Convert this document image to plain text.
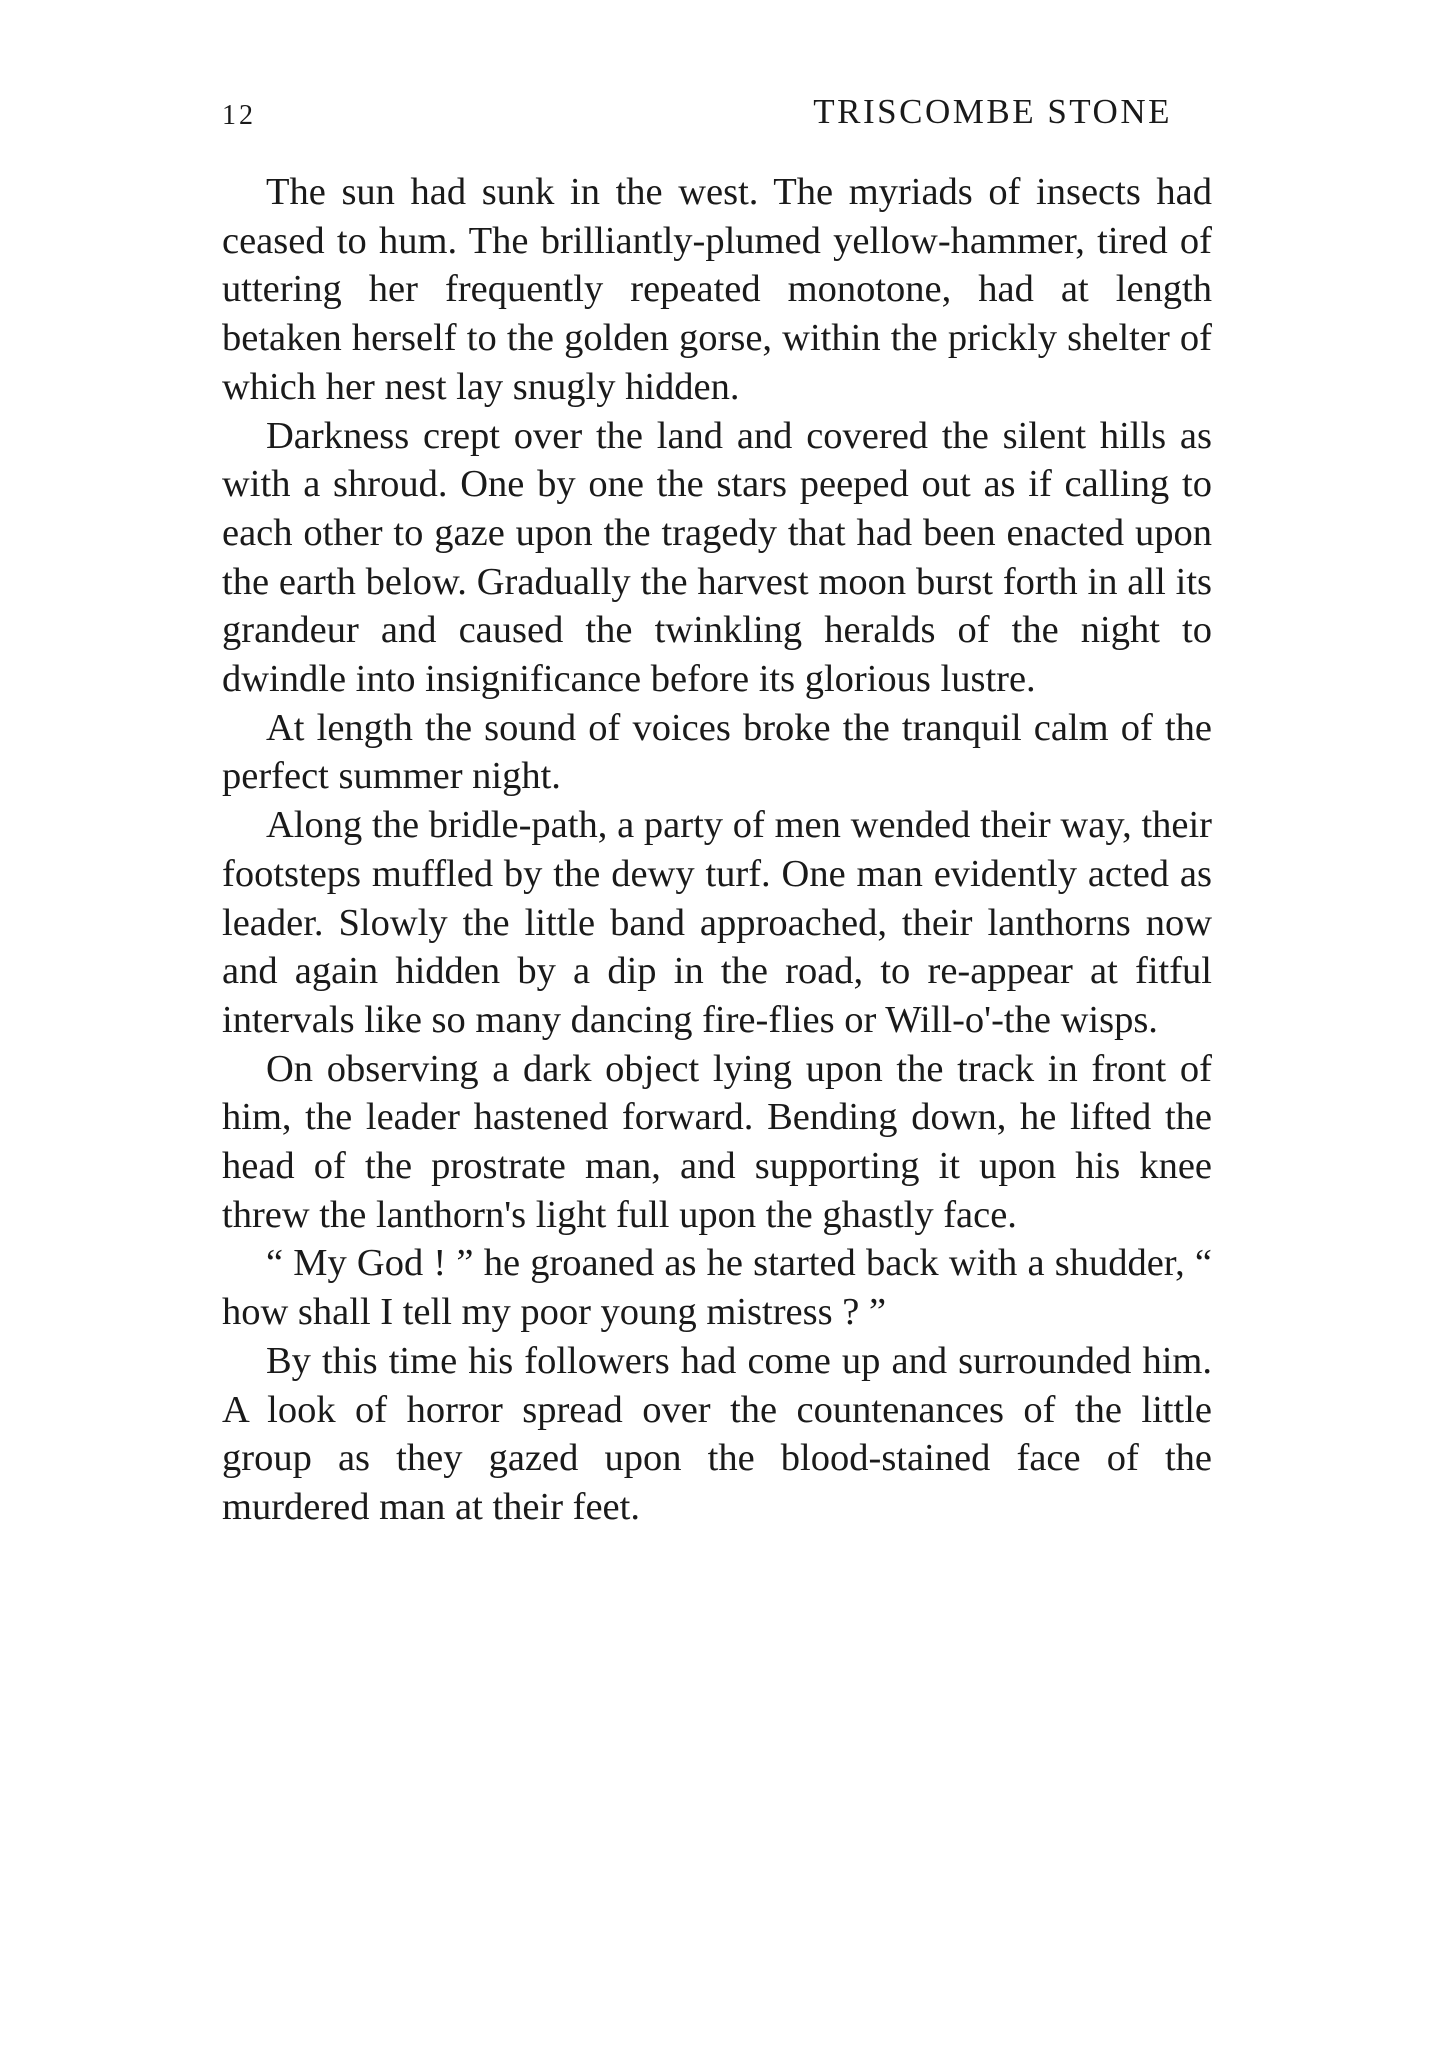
12	TRISCOMBE STONE

The sun had sunk in the west. The myriads of insects had ceased to hum. The brilliantly-plumed yellow-hammer, tired of uttering her frequently repeated monotone, had at length betaken herself to the golden gorse, within the prickly shelter of which her nest lay snugly hidden.

Darkness crept over the land and covered the silent hills as with a shroud. One by one the stars peeped out as if calling to each other to gaze upon the tragedy that had been enacted upon the earth below. Gradually the harvest moon burst forth in all its grandeur and caused the twinkling heralds of the night to dwindle into insignificance before its glorious lustre.

At length the sound of voices broke the tranquil calm of the perfect summer night.

Along the bridle-path, a party of men wended their way, their footsteps muffled by the dewy turf. One man evidently acted as leader. Slowly the little band approached, their lanthorns now and again hidden by a dip in the road, to re-appear at fitful intervals like so many dancing fire-flies or Will-o'-the wisps.

On observing a dark object lying upon the track in front of him, the leader hastened forward. Bending down, he lifted the head of the prostrate man, and supporting it upon his knee threw the lanthorn's light full upon the ghastly face.

“ My God ! ” he groaned as he started back with a shudder, “ how shall I tell my poor young mistress ? ”

By this time his followers had come up and surrounded him. A look of horror spread over the countenances of the little group as they gazed upon the blood-stained face of the murdered man at their feet.
